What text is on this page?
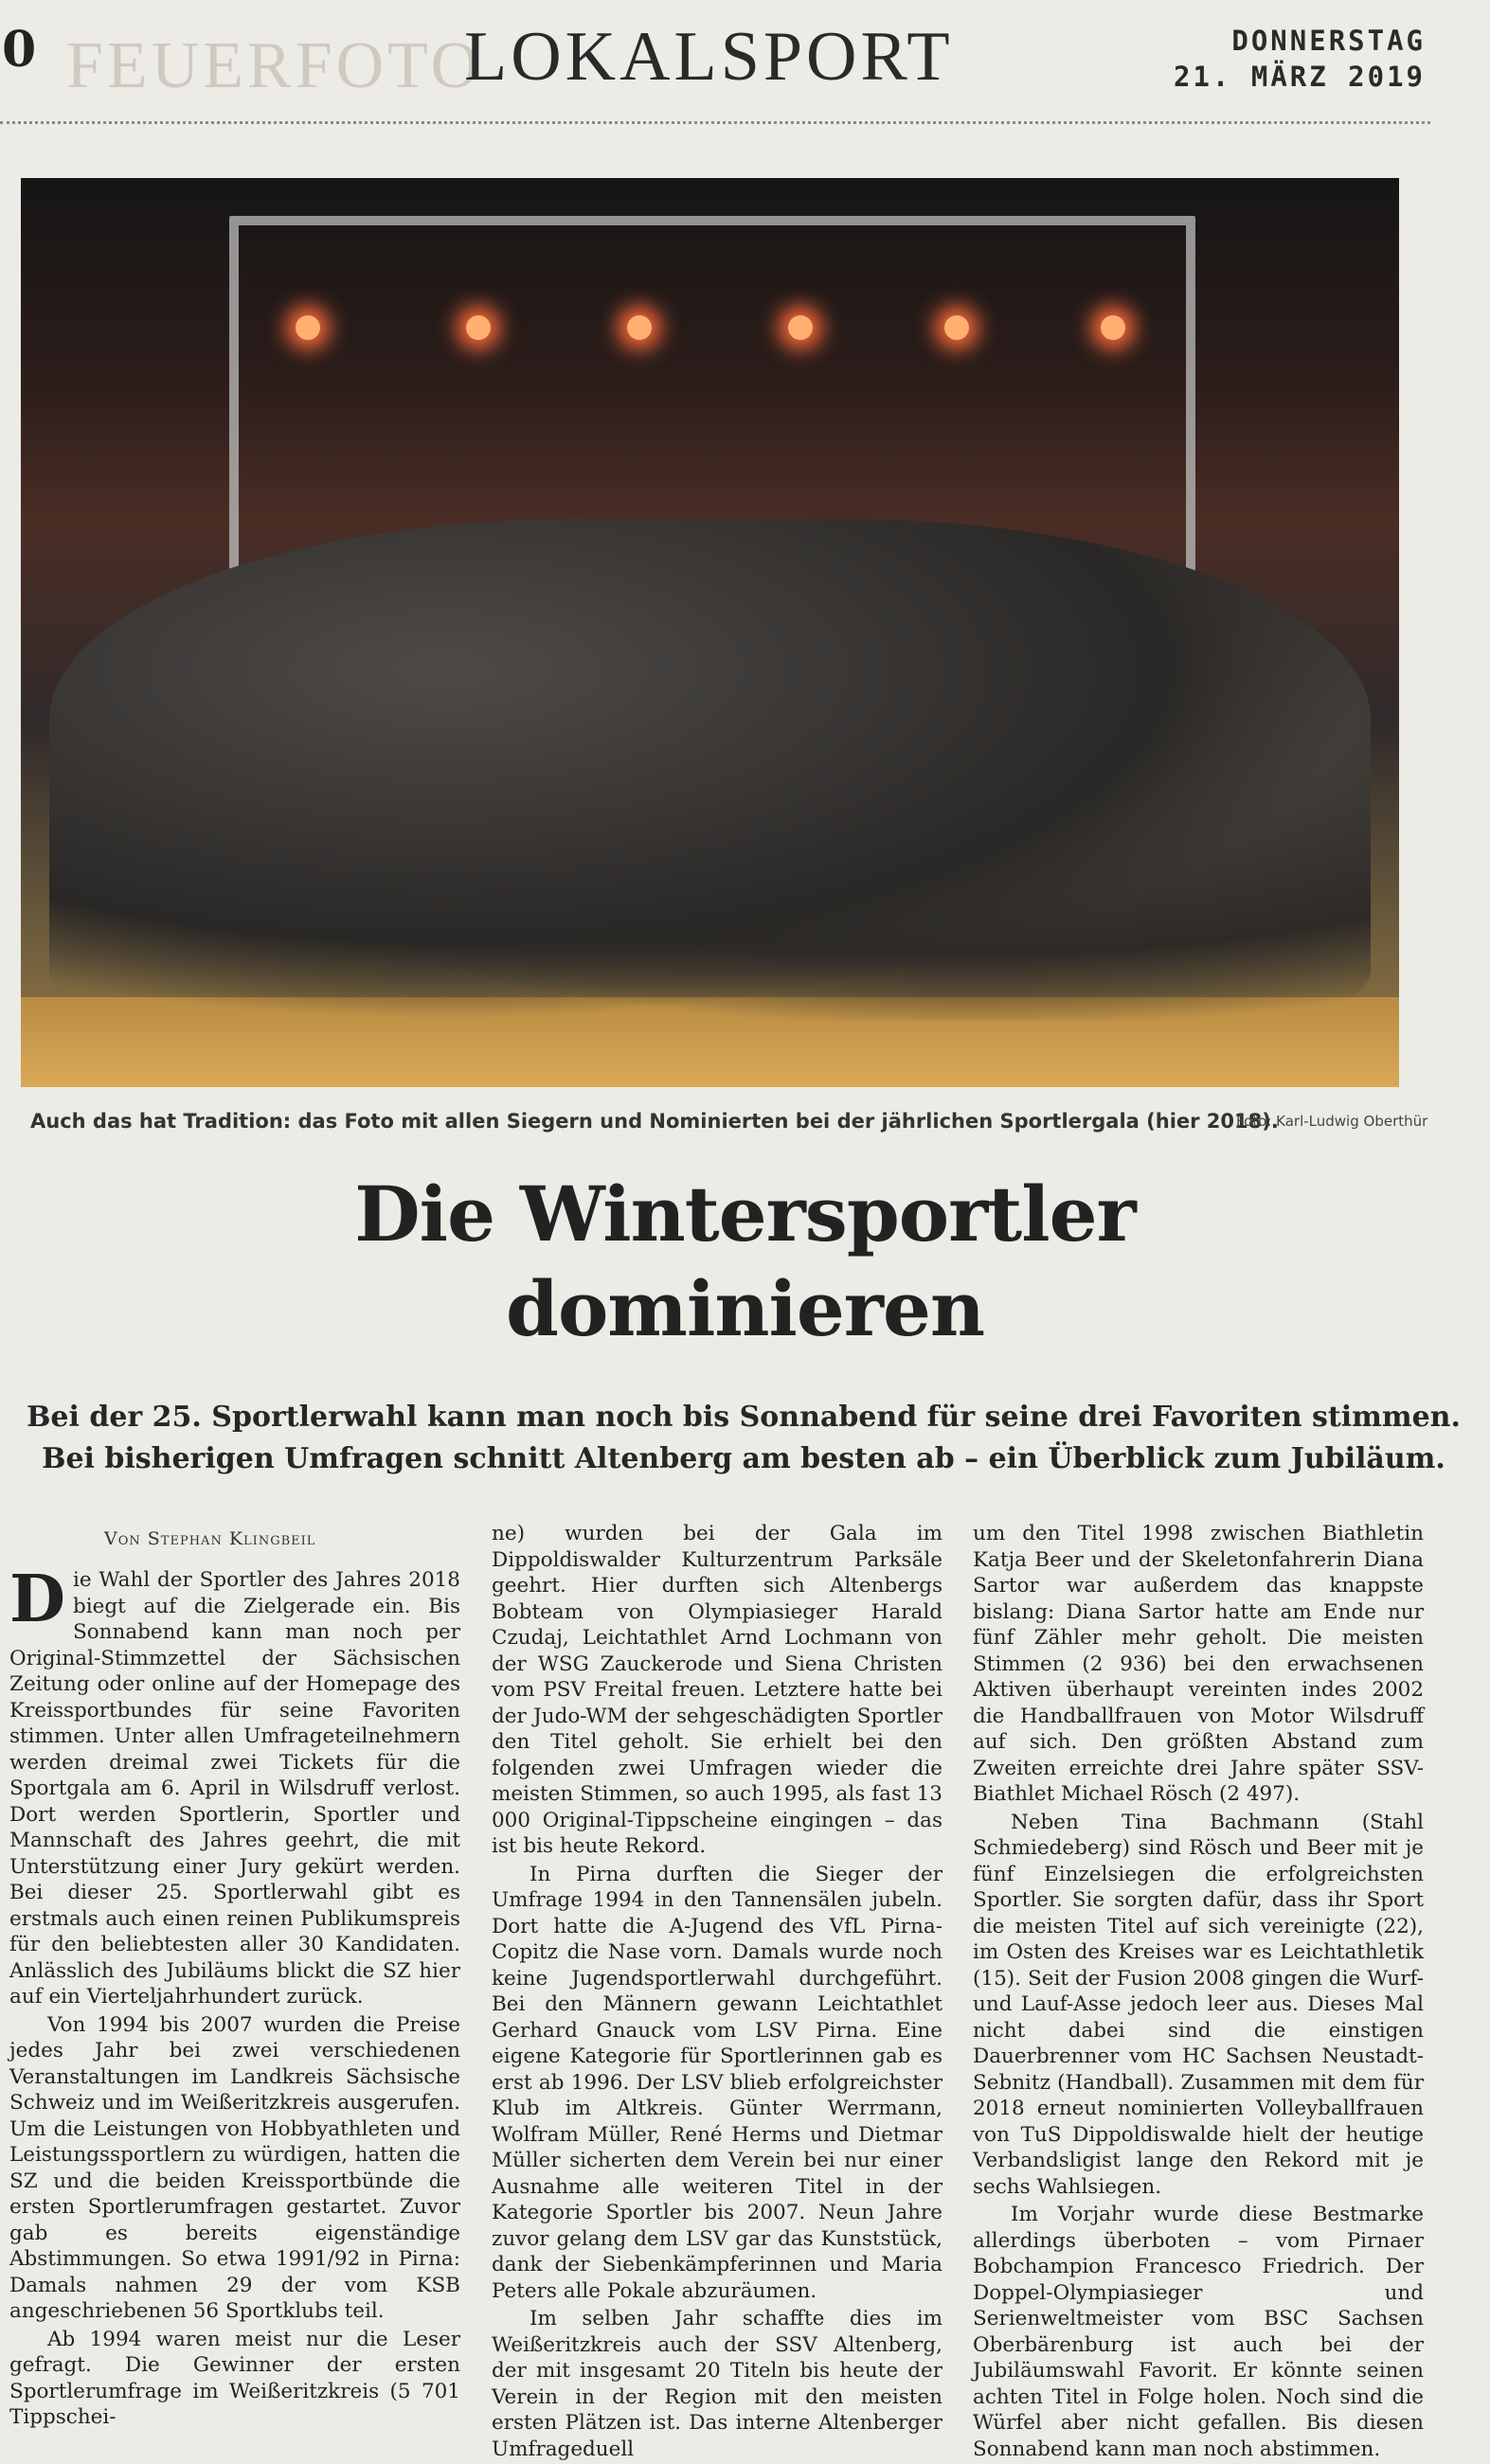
0 FEUERFOTO
LOKALSPORT	DONNERSTAG
21. MÄRZ 2019
Auch das hat Tradition: das Foto mit allen Siegern und Nominierten bei der jährlichen Sportlergala (hier 2018).
Foto: Karl-Ludwig Oberthür
Die Wintersportler
dominieren
Bei der 25. Sportlerwahl kann man noch bis Sonnabend für seine drei Favoriten stimmen.
Bei bisherigen Umfragen schnitt Altenberg am besten ab – ein Überblick zum Jubiläum.
Von Stephan Klingbeil

Die Wahl der Sportler des Jahres 2018 biegt auf die Zielgerade ein. Bis Sonnabend kann man noch per Original-Stimmzettel der Sächsischen Zeitung oder online auf der Homepage des Kreissportbundes für seine Favoriten stimmen. Unter allen Umfrageteilnehmern werden dreimal zwei Tickets für die Sportgala am 6. April in Wilsdruff verlost. Dort werden Sportlerin, Sportler und Mannschaft des Jahres geehrt, die mit Unterstützung einer Jury gekürt werden. Bei dieser 25. Sportlerwahl gibt es erstmals auch einen reinen Publikumspreis für den beliebtesten aller 30 Kandidaten. Anlässlich des Jubiläums blickt die SZ hier auf ein Vierteljahrhundert zurück.

Von 1994 bis 2007 wurden die Preise jedes Jahr bei zwei verschiedenen Veranstaltungen im Landkreis Sächsische Schweiz und im Weißeritzkreis ausgerufen. Um die Leistungen von Hobbyathleten und Leistungssportlern zu würdigen, hatten die SZ und die beiden Kreissportbünde die ersten Sportlerumfragen gestartet. Zuvor gab es bereits eigenständige Abstimmungen. So etwa 1991/92 in Pirna: Damals nahmen 29 der vom KSB angeschriebenen 56 Sportklubs teil.

Ab 1994 waren meist nur die Leser gefragt. Die Gewinner der ersten Sportlerumfrage im Weißeritzkreis (5 701 Tippschei-

ne) wurden bei der Gala im Dippoldiswalder Kulturzentrum Parksäle geehrt. Hier durften sich Altenbergs Bobteam von Olympiasieger Harald Czudaj, Leichtathlet Arnd Lochmann von der WSG Zauckerode und Siena Christen vom PSV Freital freuen. Letztere hatte bei der Judo-WM der sehgeschädigten Sportler den Titel geholt. Sie erhielt bei den folgenden zwei Umfragen wieder die meisten Stimmen, so auch 1995, als fast 13 000 Original-Tippscheine eingingen – das ist bis heute Rekord.

In Pirna durften die Sieger der Umfrage 1994 in den Tannensälen jubeln. Dort hatte die A-Jugend des VfL Pirna-Copitz die Nase vorn. Damals wurde noch keine Jugendsportlerwahl durchgeführt. Bei den Männern gewann Leichtathlet Gerhard Gnauck vom LSV Pirna. Eine eigene Kategorie für Sportlerinnen gab es erst ab 1996. Der LSV blieb erfolgreichster Klub im Altkreis. Günter Werrmann, Wolfram Müller, René Herms und Dietmar Müller sicherten dem Verein bei nur einer Ausnahme alle weiteren Titel in der Kategorie Sportler bis 2007. Neun Jahre zuvor gelang dem LSV gar das Kunststück, dank der Siebenkämpferinnen und Maria Peters alle Pokale abzuräumen.

Im selben Jahr schaffte dies im Weißeritzkreis auch der SSV Altenberg, der mit insgesamt 20 Titeln bis heute der Verein in der Region mit den meisten ersten Plätzen ist. Das interne Altenberger Umfrageduell

um den Titel 1998 zwischen Biathletin Katja Beer und der Skeletonfahrerin Diana Sartor war außerdem das knappste bislang: Diana Sartor hatte am Ende nur fünf Zähler mehr geholt. Die meisten Stimmen (2 936) bei den erwachsenen Aktiven überhaupt vereinten indes 2002 die Handballfrauen von Motor Wilsdruff auf sich. Den größten Abstand zum Zweiten erreichte drei Jahre später SSV-Biathlet Michael Rösch (2 497).

Neben Tina Bachmann (Stahl Schmiedeberg) sind Rösch und Beer mit je fünf Einzelsiegen die erfolgreichsten Sportler. Sie sorgten dafür, dass ihr Sport die meisten Titel auf sich vereinigte (22), im Osten des Kreises war es Leichtathletik (15). Seit der Fusion 2008 gingen die Wurf- und Lauf-Asse jedoch leer aus. Dieses Mal nicht dabei sind die einstigen Dauerbrenner vom HC Sachsen Neustadt-Sebnitz (Handball). Zusammen mit dem für 2018 erneut nominierten Volleyballfrauen von TuS Dippoldiswalde hielt der heutige Verbandsligist lange den Rekord mit je sechs Wahlsiegen.

Im Vorjahr wurde diese Bestmarke allerdings überboten – vom Pirnaer Bobchampion Francesco Friedrich. Der Doppel-Olympiasieger und Serienweltmeister vom BSC Sachsen Oberbärenburg ist auch bei der Jubiläumswahl Favorit. Er könnte seinen achten Titel in Folge holen. Noch sind die Würfel aber nicht gefallen. Bis diesen Sonnabend kann man noch abstimmen.
